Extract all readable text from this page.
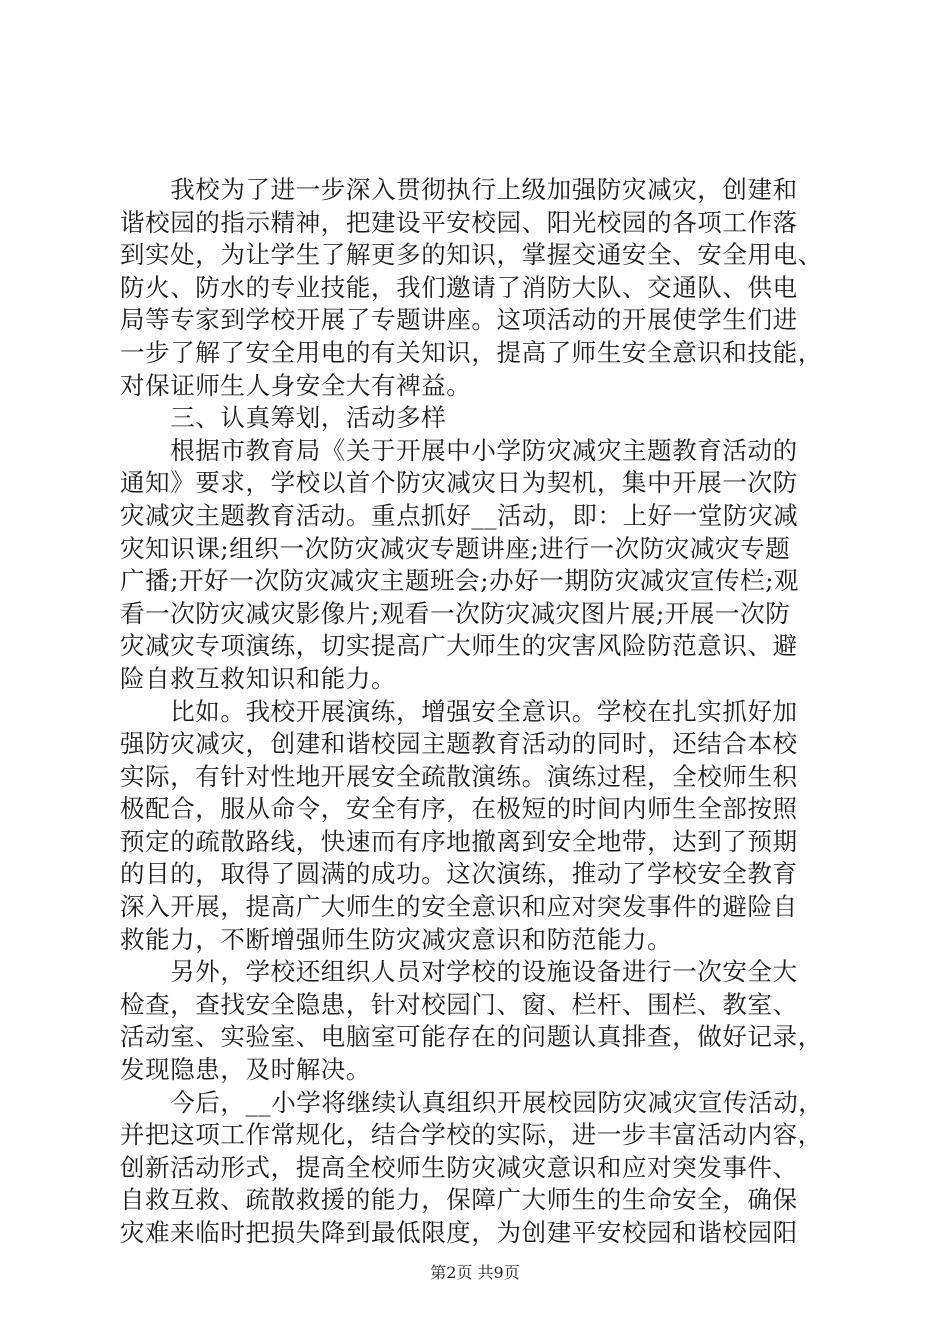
　　我校为了进一步深入贯彻执行上级加强防灾减灾，创建和
谐校园的指示精神，把建设平安校园、阳光校园的各项工作落
到实处，为让学生了解更多的知识，掌握交通安全、安全用电、
防火、防水的专业技能，我们邀请了消防大队、交通队、供电
局等专家到学校开展了专题讲座。这项活动的开展使学生们进
一步了解了安全用电的有关知识，提高了师生安全意识和技能，
对保证师生人身安全大有裨益。
　　三、认真筹划，活动多样
　　根据市教育局《关于开展中小学防灾减灾主题教育活动的
通知》要求，学校以首个防灾减灾日为契机，集中开展一次防
灾减灾主题教育活动。重点抓好__活动，即：上好一堂防灾减
灾知识课;组织一次防灾减灾专题讲座;进行一次防灾减灾专题
广播;开好一次防灾减灾主题班会;办好一期防灾减灾宣传栏;观
看一次防灾减灾影像片;观看一次防灾减灾图片展;开展一次防
灾减灾专项演练，切实提高广大师生的灾害风险防范意识、避
险自救互救知识和能力。
　　比如。我校开展演练，增强安全意识。学校在扎实抓好加
强防灾减灾，创建和谐校园主题教育活动的同时，还结合本校
实际，有针对性地开展安全疏散演练。演练过程，全校师生积
极配合，服从命令，安全有序，在极短的时间内师生全部按照
预定的疏散路线，快速而有序地撤离到安全地带，达到了预期
的目的，取得了圆满的成功。这次演练，推动了学校安全教育
深入开展，提高广大师生的安全意识和应对突发事件的避险自
救能力，不断增强师生防灾减灾意识和防范能力。
　　另外，学校还组织人员对学校的设施设备进行一次安全大
检查，查找安全隐患，针对校园门、窗、栏杆、围栏、教室、
活动室、实验室、电脑室可能存在的问题认真排查，做好记录，
发现隐患，及时解决。
　　今后，__小学将继续认真组织开展校园防灾减灾宣传活动，
并把这项工作常规化，结合学校的实际，进一步丰富活动内容，
创新活动形式，提高全校师生防灾减灾意识和应对突发事件、
自救互救、疏散救援的能力，保障广大师生的生命安全，确保
灾难来临时把损失降到最低限度，为创建平安校园和谐校园阳
第2页 共9页
